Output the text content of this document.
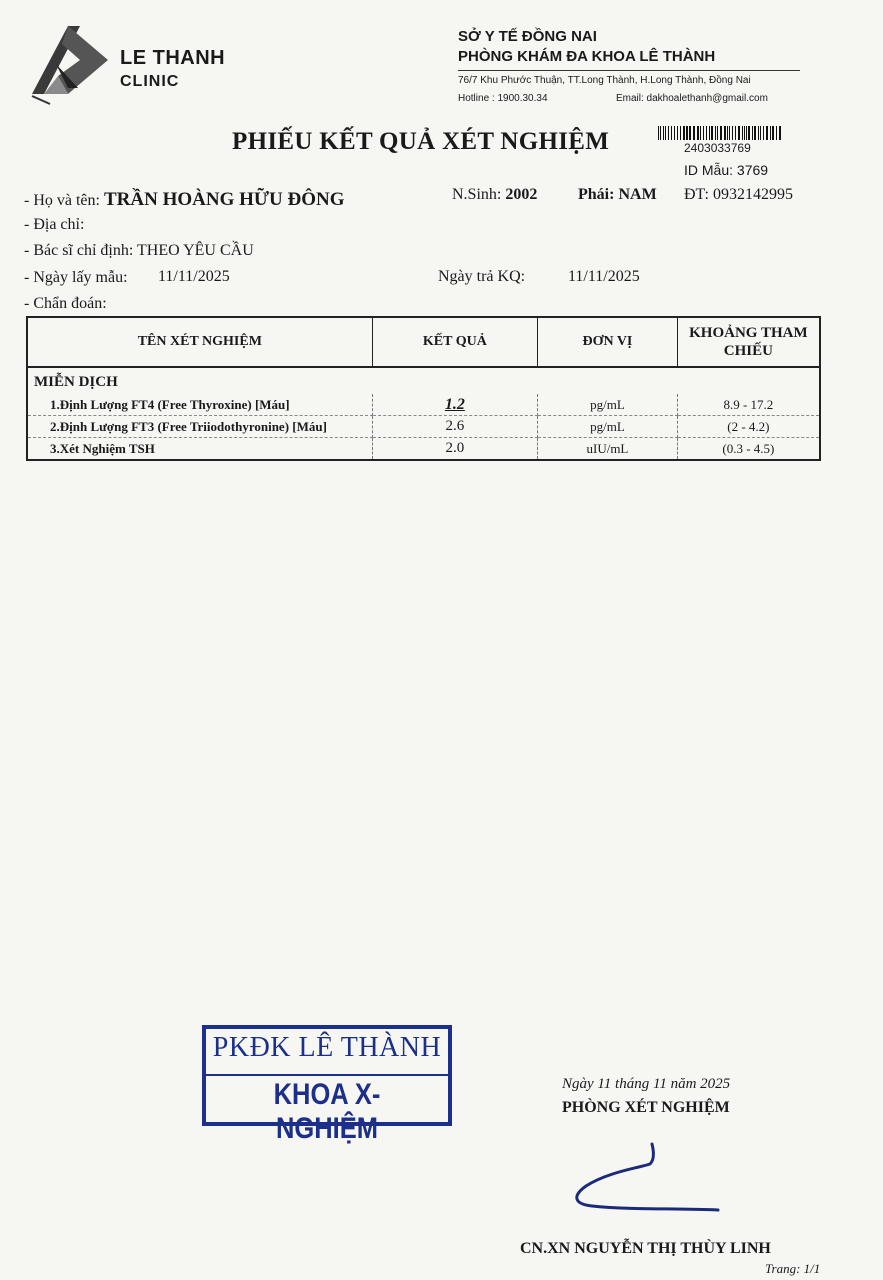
LE THANH
CLINIC
SỞ Y TẾ ĐỒNG NAI
PHÒNG KHÁM ĐA KHOA LÊ THÀNH
76/7 Khu Phước Thuận, TT.Long Thành, H.Long Thành, Đồng Nai
Hotline : 1900.30.34	Email: dakhoalethanh@gmail.com
PHIẾU KẾT QUẢ XÉT NGHIỆM	2403033769
ID Mẫu: 3769
- Họ và tên: TRẦN HOÀNG HỮU ĐÔNG	N.Sinh: 2002	Phái: NAM ĐT: 0932142995
- Địa chỉ:
- Bác sĩ chỉ định: THEO YÊU CẦU
- Ngày lấy mẫu: 11/11/2025	Ngày trả KQ:	11/11/2025
- Chẩn đoán:
TÊN XÉT NGHIỆM	KẾT QUẢ	ĐƠN VỊ	KHOẢNG THAM
CHIẾU
MIỄN DỊCH			
1.Định Lượng FT4 (Free Thyroxine) [Máu]	1.2	pg/mL	8.9 - 17.2
2.Định Lượng FT3 (Free Triiodothyronine) [Máu]	2.6	pg/mL	(2 - 4.2)
3.Xét Nghiệm TSH	2.0	uIU/mL	(0.3 - 4.5)
PKĐK LÊ THÀNH
KHOA X-NGHIỆM
Ngày 11 tháng 11 năm 2025
PHÒNG XÉT NGHIỆM
CN.XN NGUYỄN THỊ THÙY LINH
Trang: 1/1
